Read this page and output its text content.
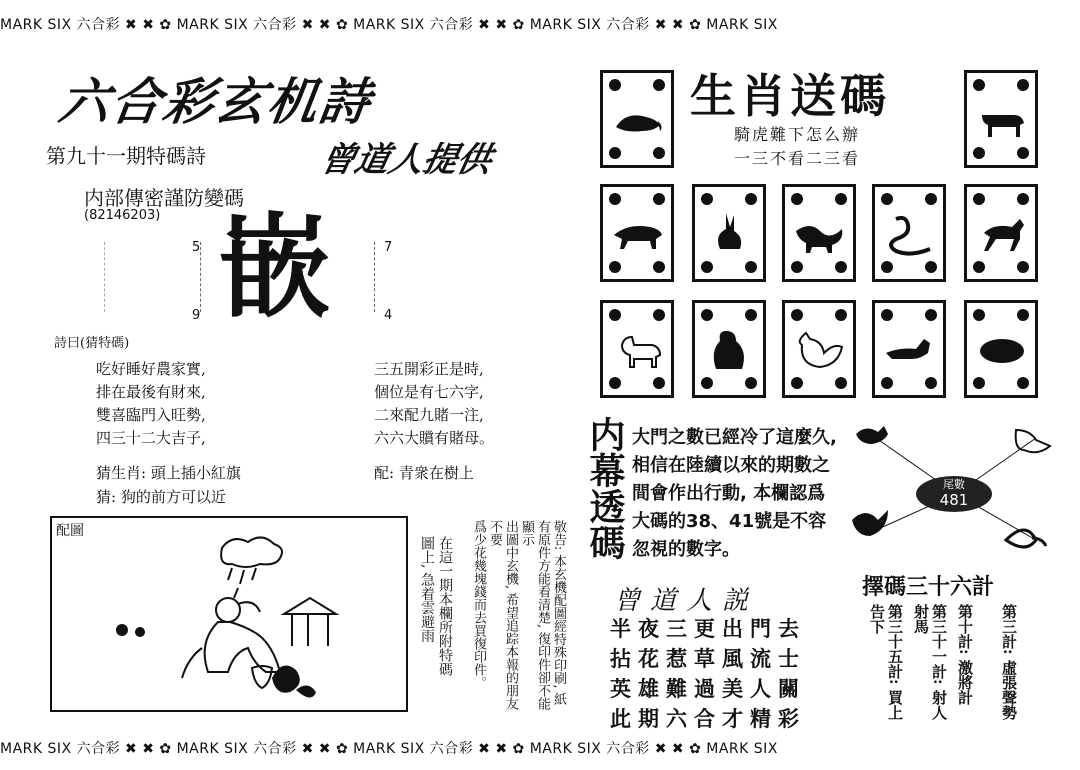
MARK SIX 六合彩 ✖ ✖ ✿ MARK SIX 六合彩 ✖ ✖ ✿ MARK SIX 六合彩 ✖ ✖ ✿ MARK SIX 六合彩 ✖ ✖ ✿ MARK SIX
六合彩玄机詩
第九十一期特碼詩	曾道人提供
内部傳密謹防變碼
(82146203)
5	7
9	4
嵌
詩曰(猜特碼)
吃好睡好農家實,
排在最後有財來,
雙喜臨門入旺勢,
四三十二大吉子,
三五開彩正是時,
個位是有七六字,
二來配九賭一注,
六六大贘有賭母。
猜生肖: 頭上插小紅旗	配: 青衆在樹上
猜: 狗的前方可以近
配圖
在這一期本欄所附特碼
圖上, 急着雲避雨	敬告: 本玄機配圖經特殊印刷, 紙
有原件方能看清楚, 復印件卻不能顯示
出圖中玄機, 希望追踪本報的朋友不要
爲少花幾塊錢而去買復印件。
生肖送碼
騎虎難下怎么辦
一三不看二三看
内幕透碼 大門之數已經冷了這麼久, 相信在陸續以來的期數之間會作出行動, 本欄認爲大碼的38、41號是不容忽視的數字。
尾數
481
曾道人説
半夜三更出門去
拈花惹草風流士
英雄難過美人關
此期六合才精彩
擇碼三十六計
第三計: 虛張聲勢
第十計: 激將計
第三十一計: 射人射馬
第三十五計: 買上告下
MARK SIX 六合彩 ✖ ✖ ✿ MARK SIX 六合彩 ✖ ✖ ✿ MARK SIX 六合彩 ✖ ✖ ✿ MARK SIX 六合彩 ✖ ✖ ✿ MARK SIX
